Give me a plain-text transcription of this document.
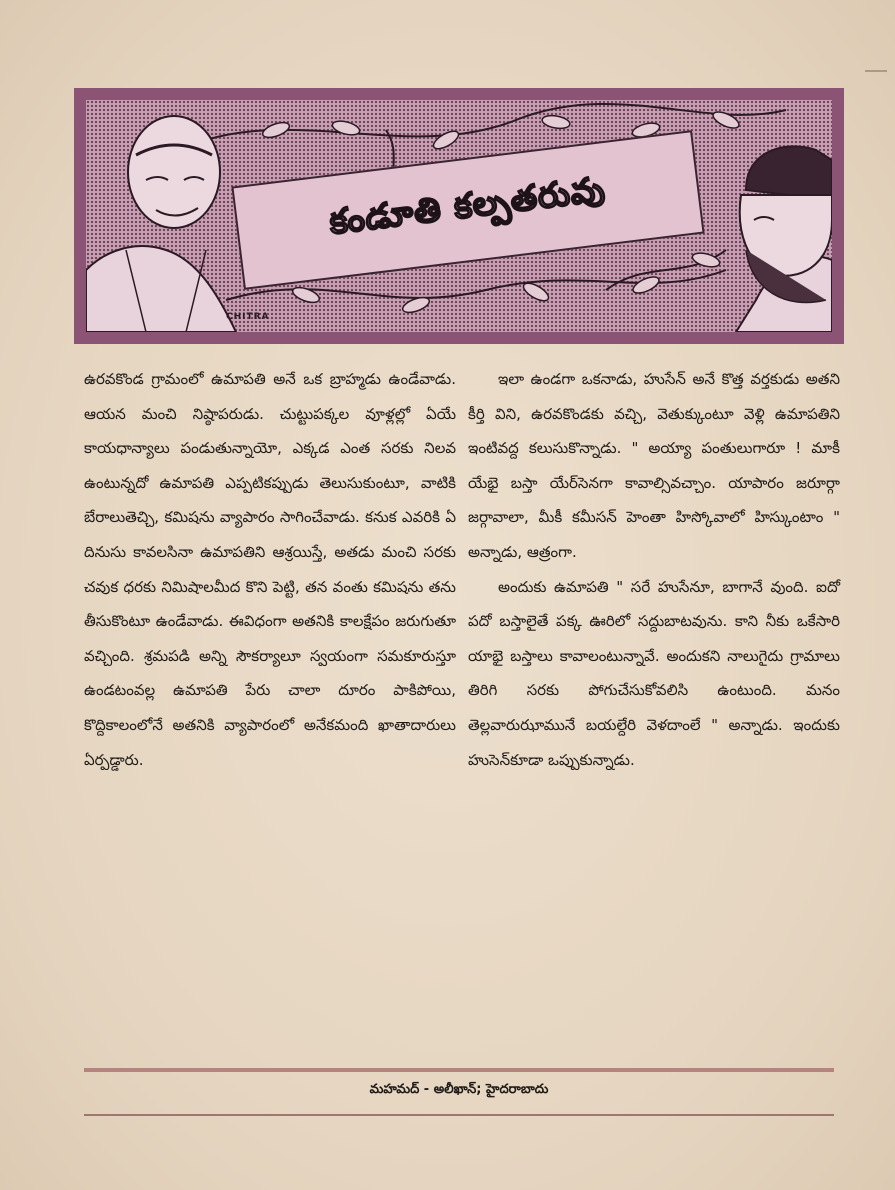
కండూతి కల్పతరువు
CHITRA

ఉరవకొండ గ్రామంలో ఉమాపతి అనే ఒక బ్రాహ్మడు ఉండేవాడు. ఆయన మంచి నిష్ఠాపరుడు. చుట్టుపక్కల వూళ్లల్లో ఏయే కాయధాన్యాలు పండుతున్నాయో, ఎక్కడ ఎంత సరకు నిలవ ఉంటున్నదో ఉమాపతి ఎప్పటికప్పుడు తెలుసుకుంటూ, వాటికి బేరాలుతెచ్చి, కమిషను వ్యాపారం సాగించేవాడు. కనుక ఎవరికి ఏ దినుసు కావలసినా ఉమాపతిని ఆశ్రయిస్తే, అతడు మంచి సరకు చవుక ధరకు నిమిషాలమీద కొని పెట్టి, తన వంతు కమిషను తను తీసుకొంటూ ఉండేవాడు. ఈవిధంగా అతనికి కాలక్షేపం జరుగుతూ వచ్చింది. శ్రమపడి అన్ని సౌకర్యాలూ స్వయంగా సమకూరుస్తూ ఉండటంవల్ల ఉమాపతి పేరు చాలా దూరం పాకిపోయి, కొద్దికాలంలోనే అతనికి వ్యాపారంలో అనేకమంది ఖాతాదారులు ఏర్పడ్డారు.

ఇలా ఉండగా ఒకనాడు, హుసేన్ అనే కొత్త వర్తకుడు అతని కీర్తి విని, ఉరవకొండకు వచ్చి, వెతుక్కుంటూ వెళ్లి ఉమాపతిని ఇంటివద్ద కలుసుకొన్నాడు. " అయ్యా పంతులుగారూ ! మాకీ యేభై బస్తా యేర్‌సెనగా కావాల్సివచ్చాం. యాపారం జరూర్గా జర్గావాలా, మీకీ కమీసన్ హెంతా హిస్కోవాలో హిస్కుంటాం " అన్నాడు, ఆత్రంగా.

అందుకు ఉమాపతి " సరే హుసేనూ, బాగానే వుంది. ఐదో పదో బస్తాలైతే పక్క ఊరిలో సద్దుబాటవును. కాని నీకు ఒకేసారి యాభై బస్తాలు కావాలంటున్నావే. అందుకని నాలుగైదు గ్రామాలు తిరిగి సరకు పోగుచేసుకోవలిసి ఉంటుంది. మనం తెల్లవారుఝామునే బయల్దేరి వెళదాంలే " అన్నాడు. ఇందుకు హుసెన్‌కూడా ఒప్పుకున్నాడు.

మహమద్ - అలీఖాన్; హైదరాబాదు
